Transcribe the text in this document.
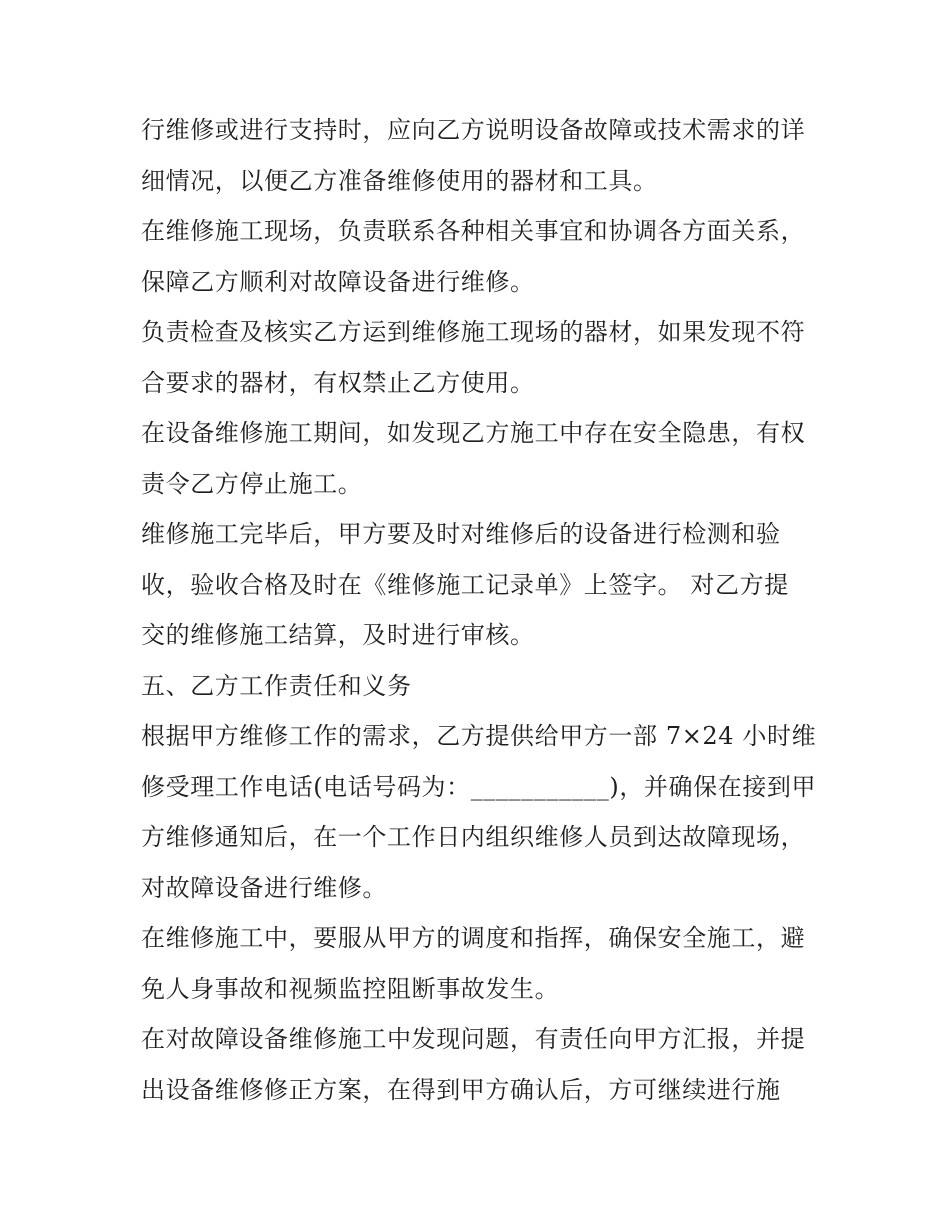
行维修或进行支持时，应向乙方说明设备故障或技术需求的详
细情况，以便乙方准备维修使用的器材和工具。
在维修施工现场，负责联系各种相关事宜和协调各方面关系，
保障乙方顺利对故障设备进行维修。
负责检查及核实乙方运到维修施工现场的器材，如果发现不符
合要求的器材，有权禁止乙方使用。
在设备维修施工期间，如发现乙方施工中存在安全隐患，有权
责令乙方停止施工。
维修施工完毕后，甲方要及时对维修后的设备进行检测和验
收，验收合格及时在《维修施工记录单》上签字。 对乙方提
交的维修施工结算，及时进行审核。
五、乙方工作责任和义务
根据甲方维修工作的需求，乙方提供给甲方一部 7×24 小时维
修受理工作电话(电话号码为：___________)，并确保在接到甲
方维修通知后，在一个工作日内组织维修人员到达故障现场，
对故障设备进行维修。
在维修施工中，要服从甲方的调度和指挥，确保安全施工，避
免人身事故和视频监控阻断事故发生。
在对故障设备维修施工中发现问题，有责任向甲方汇报，并提
出设备维修修正方案，在得到甲方确认后，方可继续进行施
